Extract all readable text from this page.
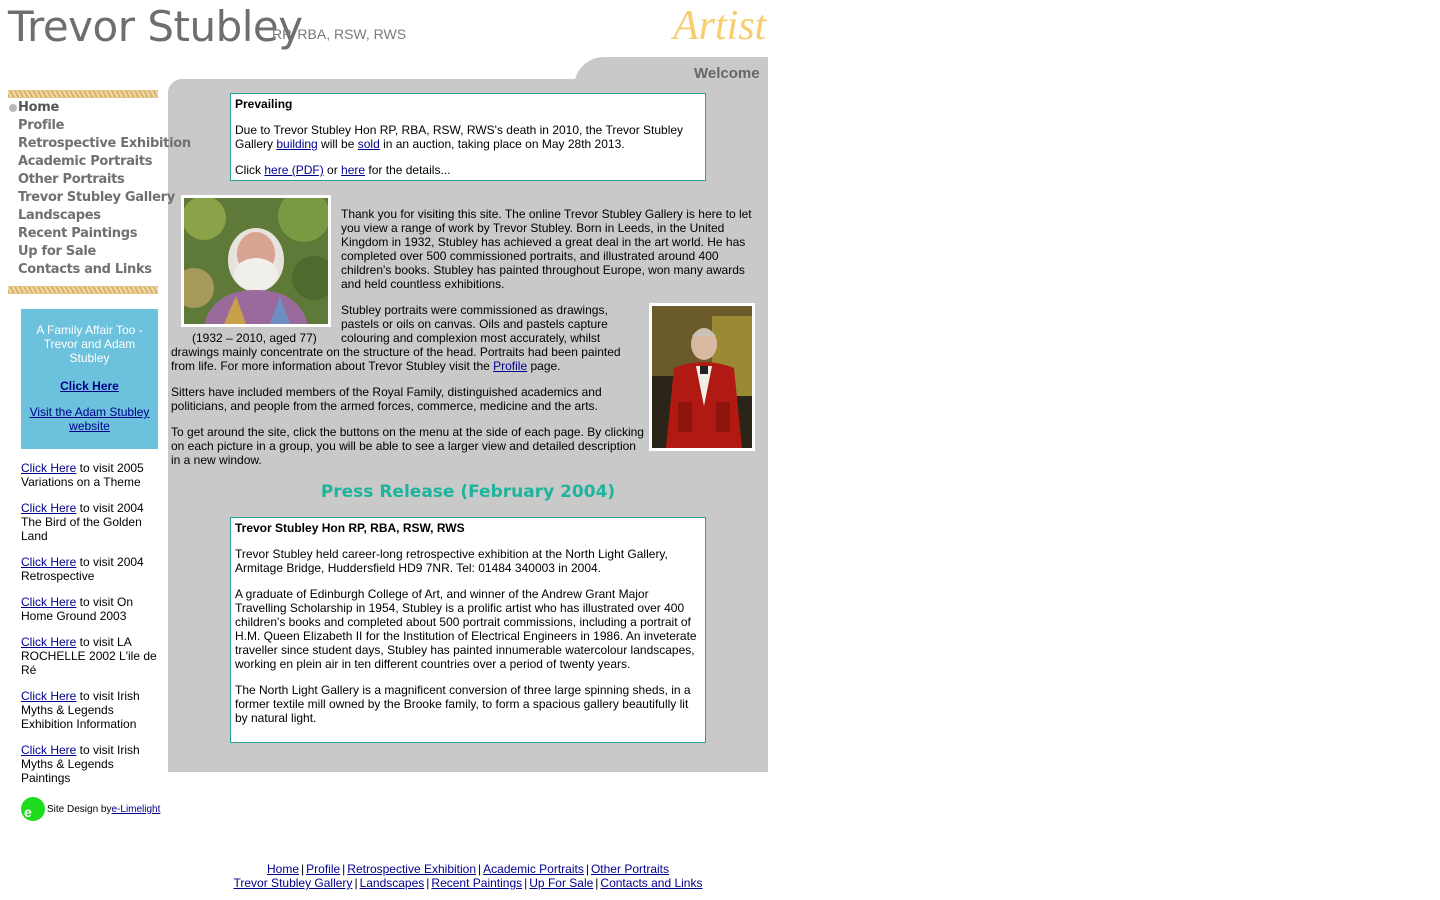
Trevor Stubley
RP. RBA, RSW, RWS	Artist
Welcome
Home
Profile
Retrospective Exhibition
Academic Portraits
Other Portraits
Trevor Stubley Gallery
Landscapes
Recent Paintings
Up for Sale
Contacts and Links
A Family Affair Too - Trevor and Adam Stubley
Click Here
Visit the Adam Stubley website
Click Here to visit 2005 Variations on a Theme
Click Here to visit 2004 The Bird of the Golden Land
Click Here to visit 2004 Retrospective
Click Here to visit On Home Ground 2003
Click Here to visit LA ROCHELLE 2002 L'ile de Ré
Click Here to visit Irish Myths & Legends Exhibition Information
Click Here to visit Irish Myths & Legends Paintings
e	Site Design by e-Limelight
Prevailing
Due to Trevor Stubley Hon RP, RBA, RSW, RWS's death in 2010, the Trevor Stubley Gallery building will be sold in an auction, taking place on May 28th 2013.
Click here (PDF) or here for the details...
(1932 – 2010, aged 77)

Thank you for visiting this site. The online Trevor Stubley Gallery is here to let you view a range of work by Trevor Stubley. Born in Leeds, in the United Kingdom in 1932, Stubley has achieved a great deal in the art world. He has completed over 500 commissioned portraits, and illustrated around 400 children's books. Stubley has painted throughout Europe, won many awards and held countless exhibitions.

Stubley portraits were commissioned as drawings,
pastels or oils on canvas. Oils and pastels capture
colouring and complexion most accurately, whilst
drawings mainly concentrate on the structure of the head. Portraits had been painted from life. For more information about Trevor Stubley visit the Profile page.

Sitters have included members of the Royal Family, distinguished academics and politicians, and people from the armed forces, commerce, medicine and the arts.

To get around the site, click the buttons on the menu at the side of each page. By clicking on each picture in a group, you will be able to see a larger view and detailed description in a new window.

Press Release (February 2004)
Trevor Stubley Hon RP, RBA, RSW, RWS
Trevor Stubley held career-long retrospective exhibition at the North Light Gallery, Armitage Bridge, Huddersfield HD9 7NR. Tel: 01484 340003 in 2004.
A graduate of Edinburgh College of Art, and winner of the Andrew Grant Major Travelling Scholarship in 1954, Stubley is a prolific artist who has illustrated over 400 children's books and completed about 500 portrait commissions, including a portrait of H.M. Queen Elizabeth II for the Institution of Electrical Engineers in 1986. An inveterate traveller since student days, Stubley has painted innumerable watercolour landscapes, working en plein air in ten different countries over a period of twenty years.
The North Light Gallery is a magnificent conversion of three large spinning sheds, in a former textile mill owned by the Brooke family, to form a spacious gallery beautifully lit by natural light.
Home | Profile | Retrospective Exhibition | Academic Portraits | Other Portraits
Trevor Stubley Gallery | Landscapes | Recent Paintings | Up For Sale | Contacts and Links
